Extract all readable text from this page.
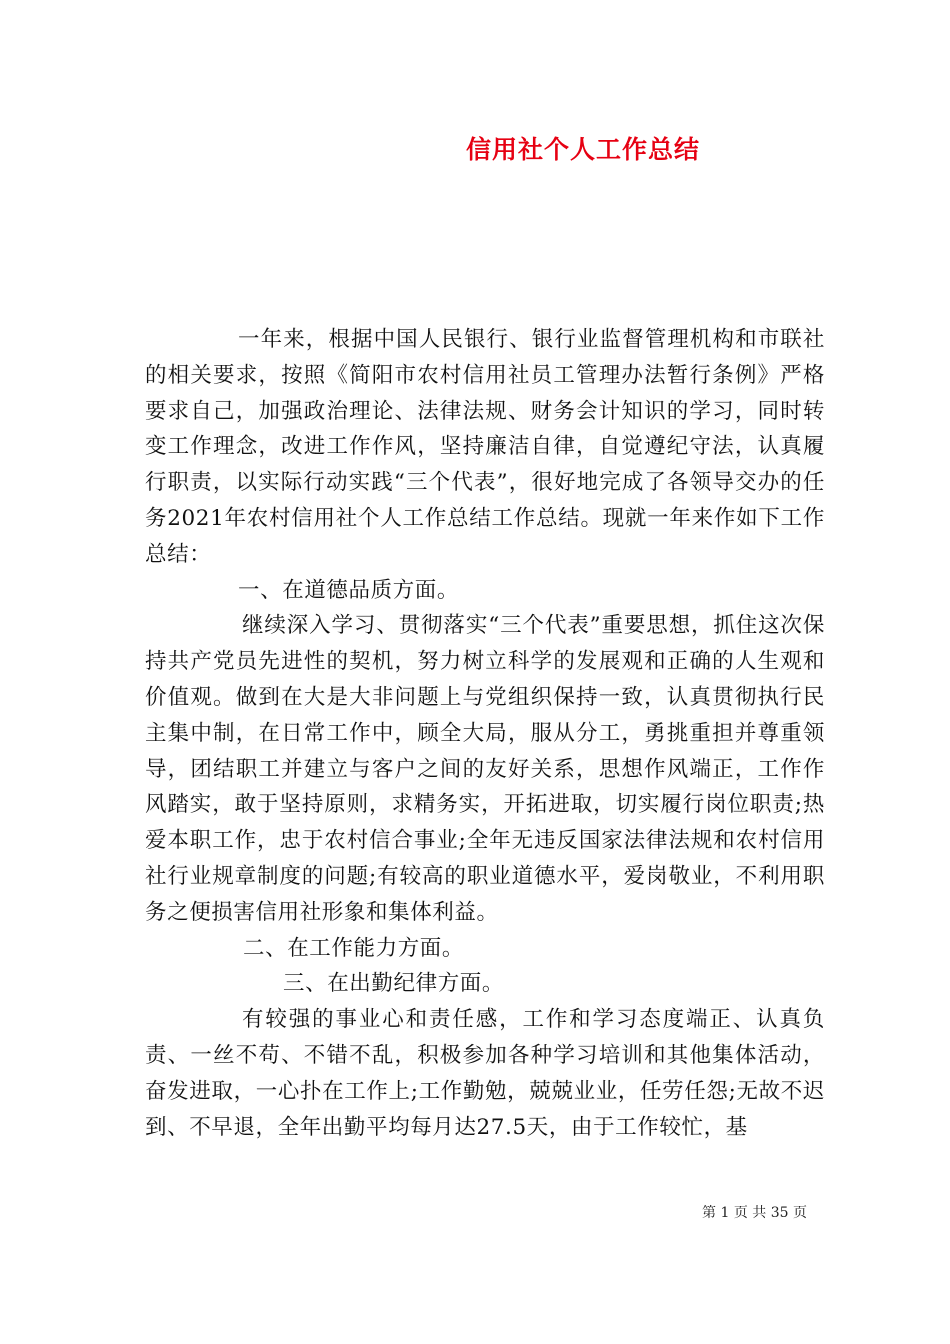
信用社个人工作总结

一年来，根据中国人民银行、银行业监督管理机构和市联社的相关要求，按照《简阳市农村信用社员工管理办法暂行条例》严格要求自己，加强政治理论、法律法规、财务会计知识的学习，同时转变工作理念，改进工作作风，坚持廉洁自律，自觉遵纪守法，认真履行职责，以实际行动实践“三个代表”，很好地完成了各领导交办的任务2021年农村信用社个人工作总结工作总结。现就一年来作如下工作总结：

一、在道德品质方面。

继续深入学习、贯彻落实“三个代表”重要思想，抓住这次保持共产党员先进性的契机，努力树立科学的发展观和正确的人生观和价值观。做到在大是大非问题上与党组织保持一致，认真贯彻执行民主集中制，在日常工作中，顾全大局，服从分工，勇挑重担并尊重领导，团结职工并建立与客户之间的友好关系，思想作风端正，工作作风踏实，敢于坚持原则，求精务实，开拓进取，切实履行岗位职责;热爱本职工作，忠于农村信合事业;全年无违反国家法律法规和农村信用社行业规章制度的问题;有较高的职业道德水平，爱岗敬业，不利用职务之便损害信用社形象和集体利益。

二、在工作能力方面。

三、在出勤纪律方面。

有较强的事业心和责任感，工作和学习态度端正、认真负责、一丝不苟、不错不乱，积极参加各种学习培训和其他集体活动，奋发进取，一心扑在工作上;工作勤勉，兢兢业业，任劳任怨;无故不迟到、不早退，全年出勤平均每月达27.5天，由于工作较忙，基

第 1 页 共 35 页
